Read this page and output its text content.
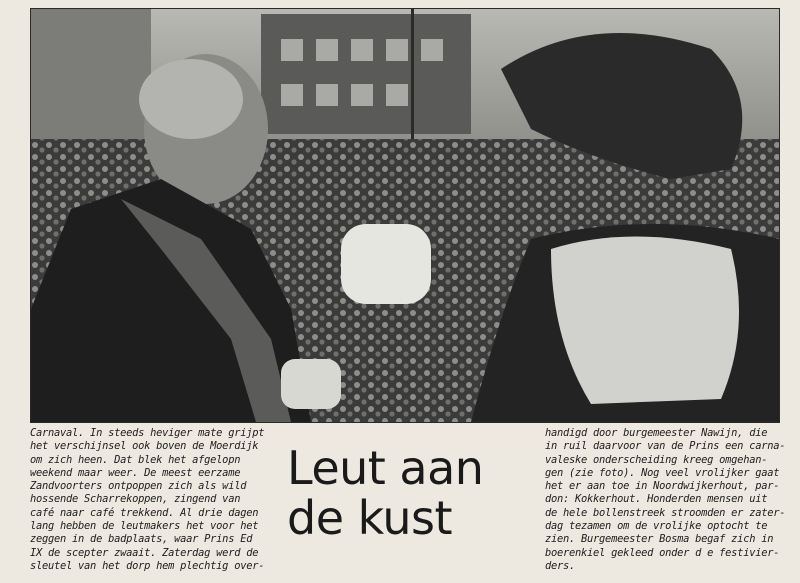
Carnaval. In steeds heviger mate grijpt
het verschijnsel ook boven de Moerdijk
om zich heen. Dat blek het afgelopn
weekend maar weer. De meest eerzame
Zandvoorters ontpoppen zich als wild
hossende Scharrekoppen, zingend van
café naar café trekkend. Al drie dagen
lang hebben de leutmakers het voor het
zeggen in de badplaats, waar Prins Ed
IX de scepter zwaait. Zaterdag werd de
sleutel van het dorp hem plechtig over-
Leut aan
de kust
handigd door burgemeester Nawijn, die
in ruil daarvoor van de Prins een carna-
valeske onderscheiding kreeg omgehan-
gen (zie foto). Nog veel vrolijker gaat
het er aan toe in Noordwijkerhout, par-
don: Kokkerhout. Honderden mensen uit
de hele bollenstreek stroomden er zater-
dag tezamen om de vrolijke optocht te
zien. Burgemeester Bosma begaf zich in
boerenkiel gekleed onder d e festivier-
ders.
